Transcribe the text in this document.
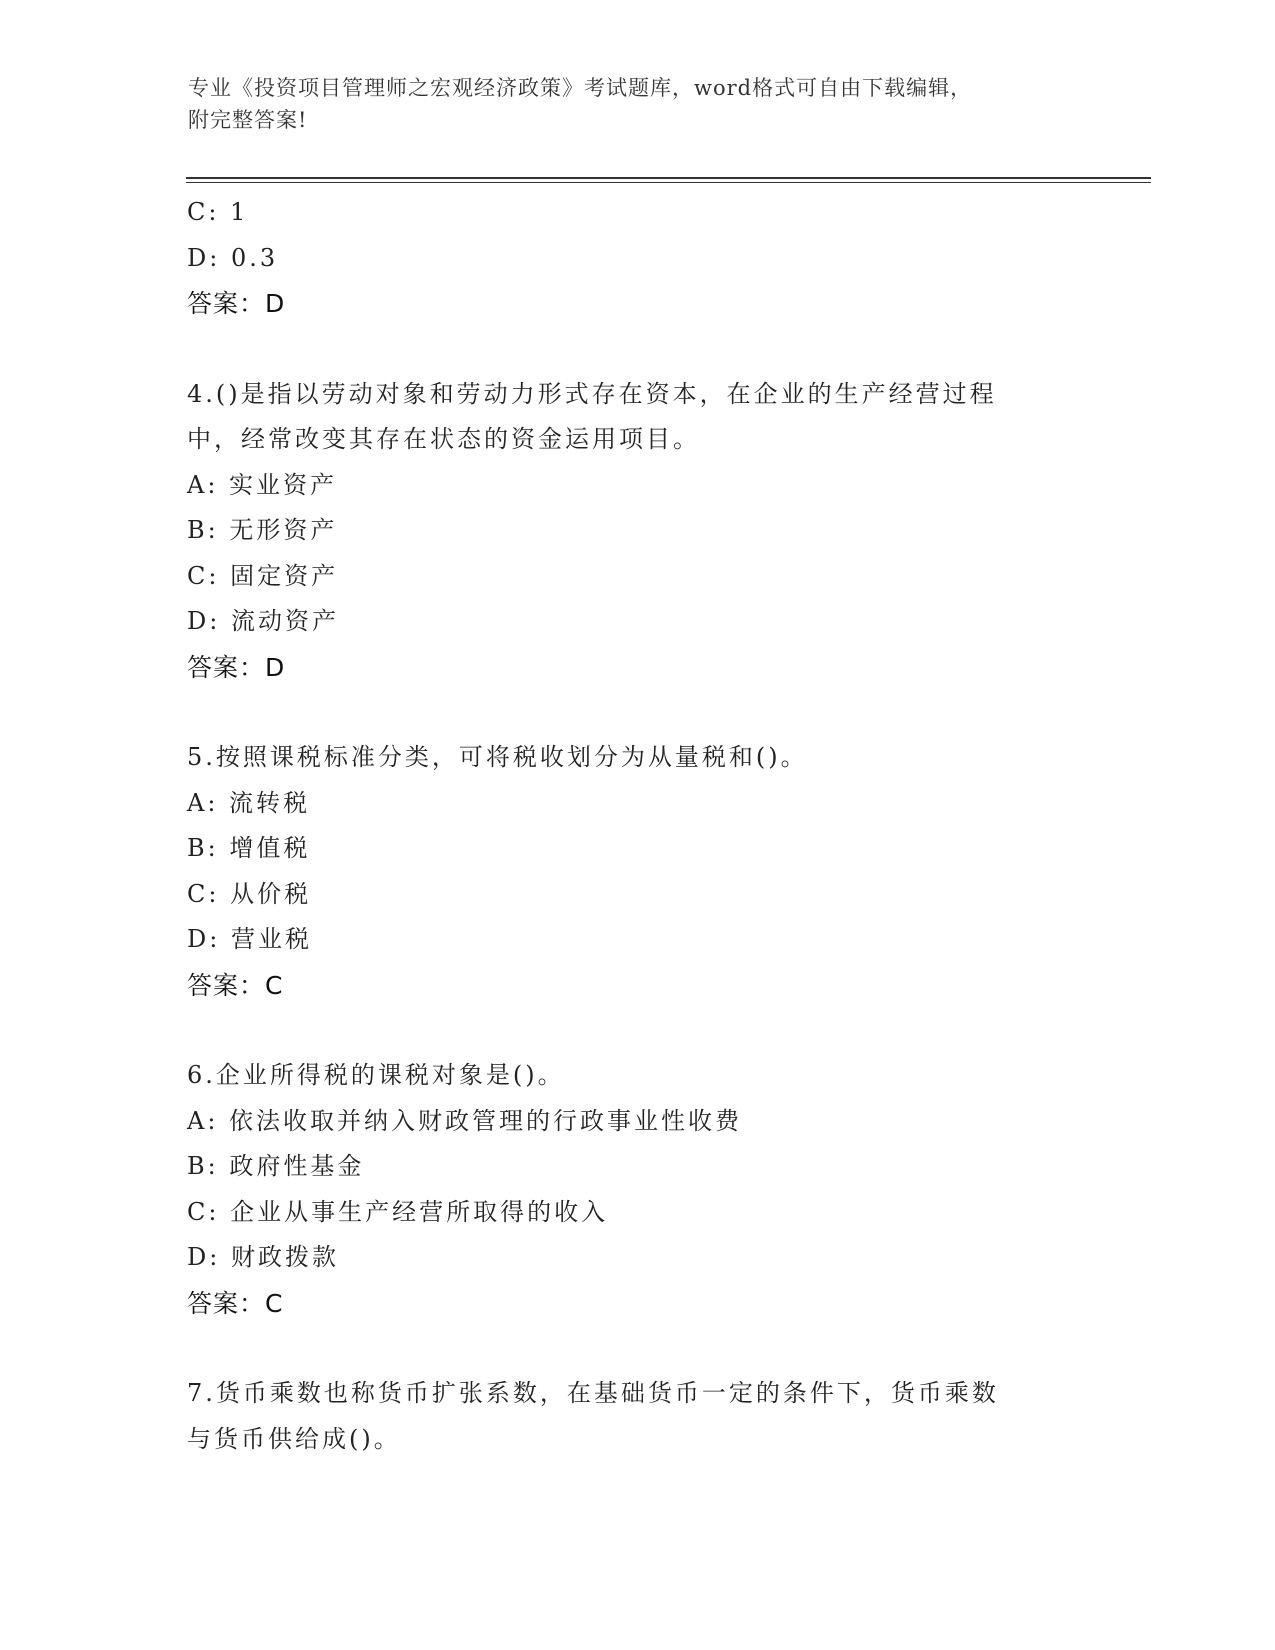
专业《投资项目管理师之宏观经济政策》考试题库，word格式可自由下载编辑，
附完整答案!
C: 1
D: 0.3
答案：D
4.()是指以劳动对象和劳动力形式存在资本，在企业的生产经营过程
中，经常改变其存在状态的资金运用项目。
A: 实业资产
B: 无形资产
C: 固定资产
D: 流动资产
答案：D
5.按照课税标准分类，可将税收划分为从量税和()。
A: 流转税
B: 增值税
C: 从价税
D: 营业税
答案：C
6.企业所得税的课税对象是()。
A: 依法收取并纳入财政管理的行政事业性收费
B: 政府性基金
C: 企业从事生产经营所取得的收入
D: 财政拨款
答案：C
7.货币乘数也称货币扩张系数，在基础货币一定的条件下，货币乘数
与货币供给成()。
